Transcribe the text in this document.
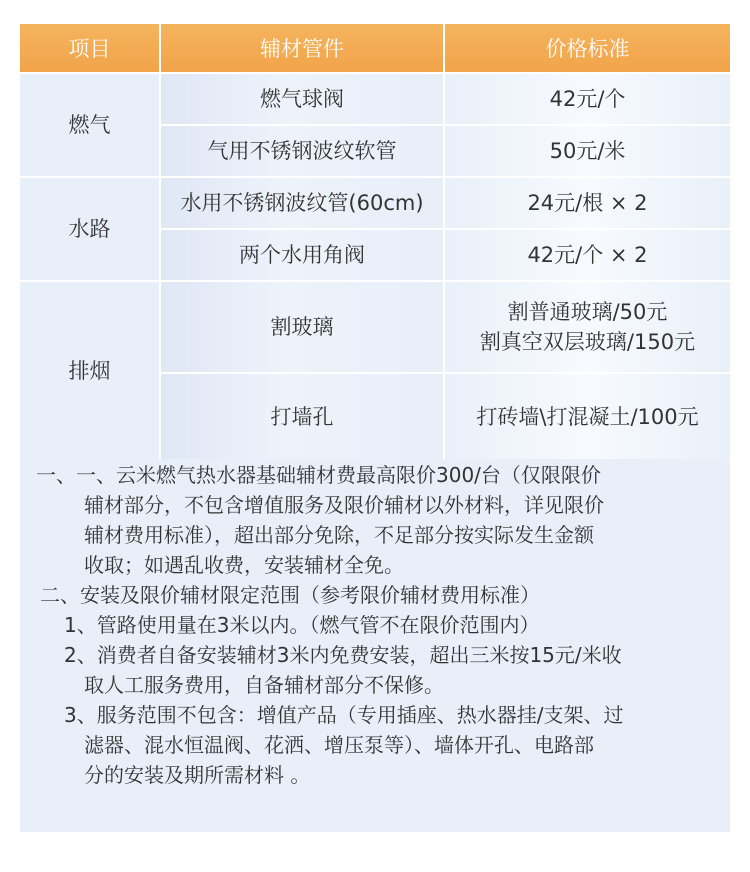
项目	辅材管件	价格标准
燃气	燃气球阀	42元/个
	气用不锈钢波纹软管	50元/米
水路	水用不锈钢波纹管(60cm)	24元/根 × 2
	两个水用角阀	42元/个 × 2
排烟	割玻璃	割普通玻璃/50元
割真空双层玻璃/150元

	打墙孔	打砖墙\打混凝土/100元

一、一、云米燃气热水器基础辅材费最高限价300/台（仅限限价

辅材部分，不包含增值服务及限价辅材以外材料，详见限价

辅材费用标准），超出部分免除，不足部分按实际发生金额

收取；如遇乱收费，安装辅材全免。

二、安装及限价辅材限定范围（参考限价辅材费用标准）

1、管路使用量在3米以内。（燃气管不在限价范围内）

2、消费者自备安装辅材3米内免费安装，超出三米按15元/米收

取人工服务费用，自备辅材部分不保修。

3、服务范围不包含：增值产品（专用插座、热水器挂/支架、过

滤器、混水恒温阀、花洒、增压泵等）、墙体开孔、电路部

分的安装及期所需材料 。
